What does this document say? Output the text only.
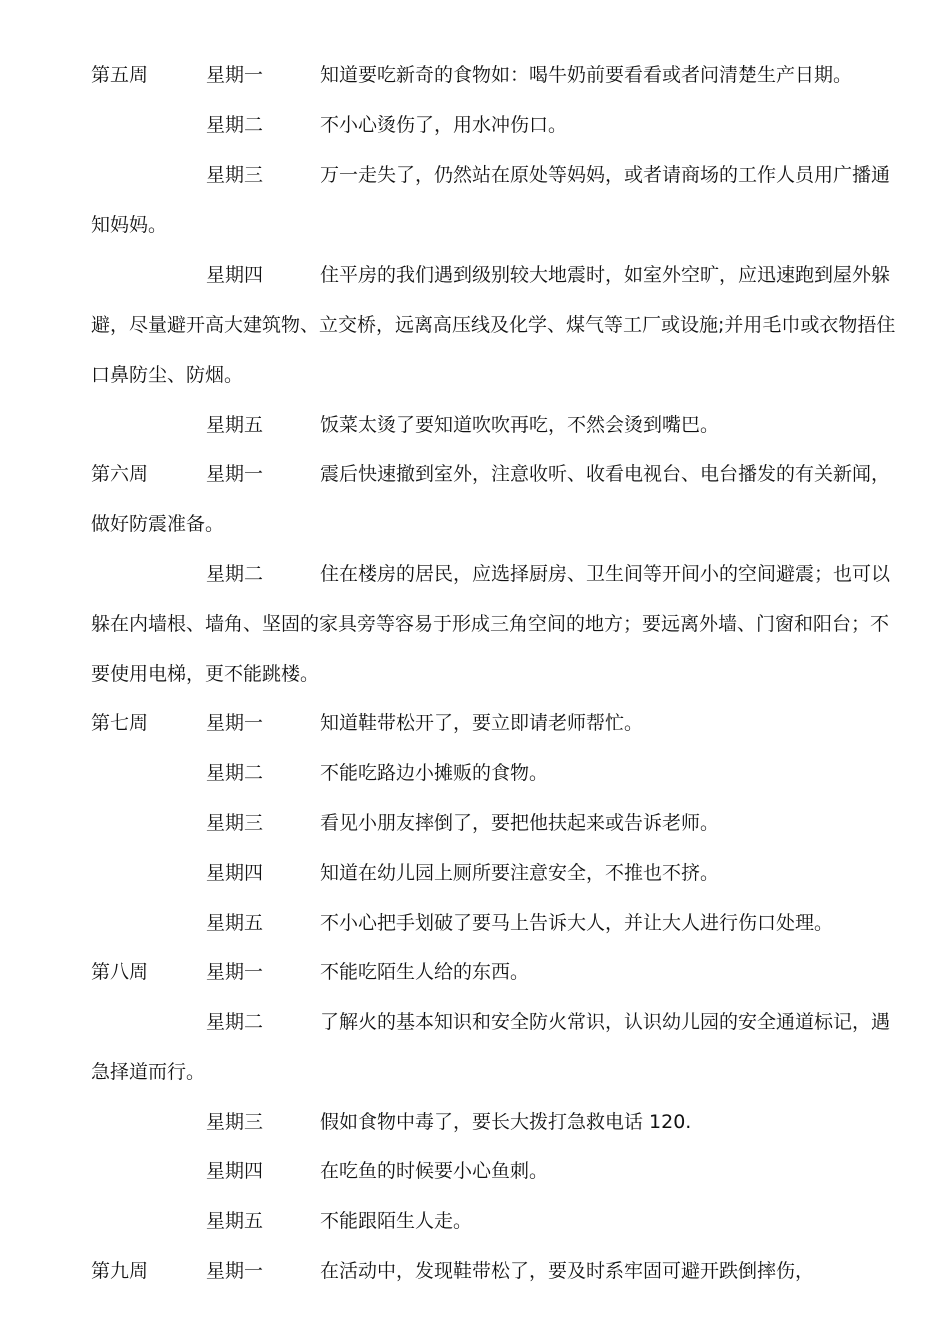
第五周	星期一	知道要吃新奇的食物如：喝牛奶前要看看或者问清楚生产日期。
星期二	不小心烫伤了，用水冲伤口。
星期三	万一走失了，仍然站在原处等妈妈，或者请商场的工作人员用广播通
知妈妈。
星期四	住平房的我们遇到级别较大地震时，如室外空旷，应迅速跑到屋外躲
避，尽量避开高大建筑物、立交桥，远离高压线及化学、煤气等工厂或设施;并用毛巾或衣物捂住
口鼻防尘、防烟。
星期五	饭菜太烫了要知道吹吹再吃，不然会烫到嘴巴。
第六周	星期一	震后快速撤到室外，注意收听、收看电视台、电台播发的有关新闻，
做好防震准备。
星期二	住在楼房的居民，应选择厨房、卫生间等开间小的空间避震；也可以
躲在内墙根、墙角、坚固的家具旁等容易于形成三角空间的地方；要远离外墙、门窗和阳台；不
要使用电梯，更不能跳楼。
第七周	星期一	知道鞋带松开了，要立即请老师帮忙。
星期二	不能吃路边小摊贩的食物。
星期三	看见小朋友摔倒了，要把他扶起来或告诉老师。
星期四	知道在幼儿园上厕所要注意安全，不推也不挤。
星期五	不小心把手划破了要马上告诉大人，并让大人进行伤口处理。
第八周	星期一	不能吃陌生人给的东西。
星期二	了解火的基本知识和安全防火常识，认识幼儿园的安全通道标记，遇
急择道而行。
星期三	假如食物中毒了，要长大拨打急救电话 120.
星期四	在吃鱼的时候要小心鱼刺。
星期五	不能跟陌生人走。
第九周	星期一	在活动中，发现鞋带松了，要及时系牢固可避开跌倒摔伤，
